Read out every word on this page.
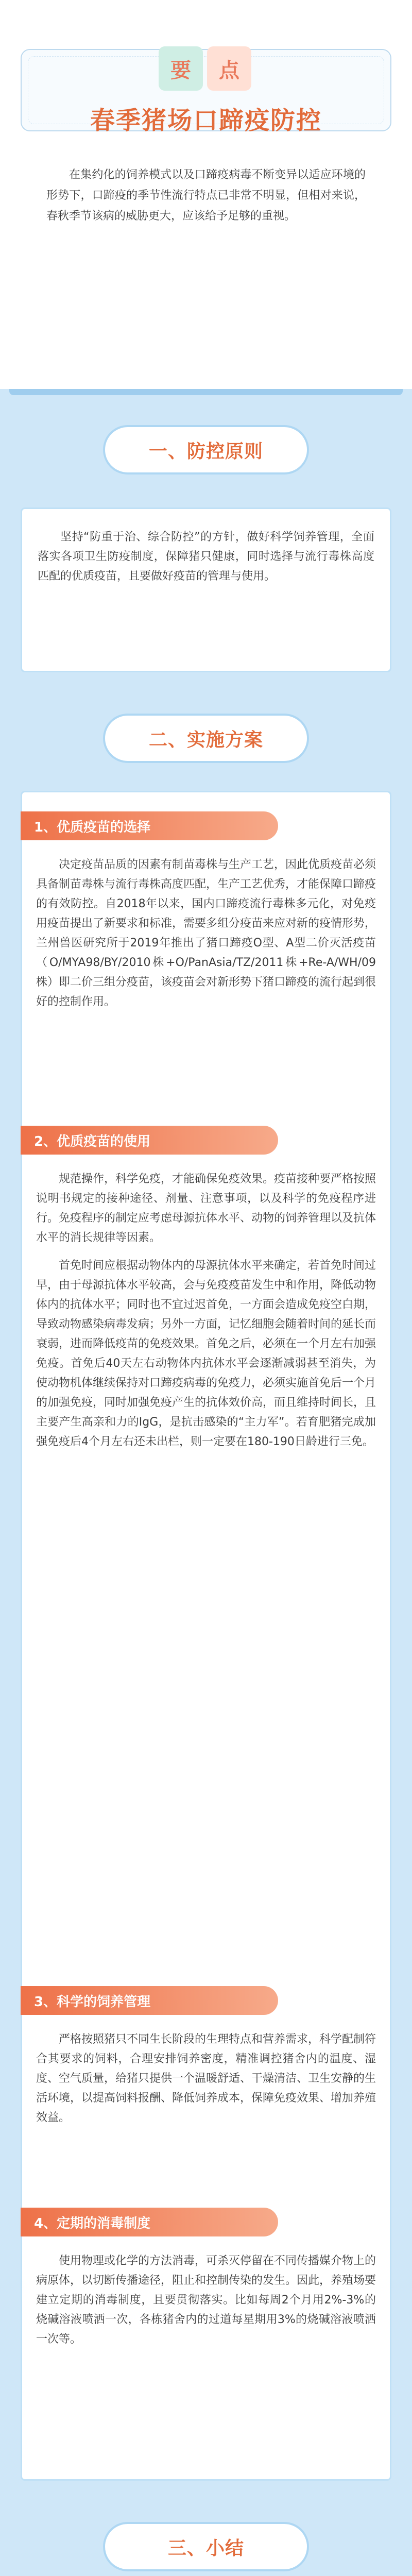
要	点
春季猪场口蹄疫防控
在集约化的饲养模式以及口蹄疫病毒不断变异以适应环境的形势下，口蹄疫的季节性流行特点已非常不明显，但相对来说，春秋季节该病的威胁更大，应该给予足够的重视。
一、防控原则

坚持“防重于治、综合防控”的方针，做好科学饲养管理，全面落实各项卫生防疫制度，保障猪只健康，同时选择与流行毒株高度匹配的优质疫苗，且要做好疫苗的管理与使用。

二、实施方案
1、优质疫苗的选择

决定疫苗品质的因素有制苗毒株与生产工艺，因此优质疫苗必须具备制苗毒株与流行毒株高度匹配，生产工艺优秀，才能保障口蹄疫的有效防控。自2018年以来，国内口蹄疫流行毒株多元化，对免疫用疫苗提出了新要求和标准，需要多组分疫苗来应对新的疫情形势，兰州兽医研究所于2019年推出了猪口蹄疫O型、A型二价灭活疫苗（O/MYA98/BY/2010株+O/PanAsia/TZ/2011株+Re-A/WH/09株）即二价三组分疫苗，该疫苗会对新形势下猪口蹄疫的流行起到很好的控制作用。

2、优质疫苗的使用

规范操作，科学免疫，才能确保免疫效果。疫苗接种要严格按照说明书规定的接种途径、剂量、注意事项，以及科学的免疫程序进行。免疫程序的制定应考虑母源抗体水平、动物的饲养管理以及抗体水平的消长规律等因素。

首免时间应根据动物体内的母源抗体水平来确定，若首免时间过早，由于母源抗体水平较高，会与免疫疫苗发生中和作用，降低动物体内的抗体水平；同时也不宜过迟首免，一方面会造成免疫空白期，导致动物感染病毒发病；另外一方面，记忆细胞会随着时间的延长而衰弱，进而降低疫苗的免疫效果。首免之后，必须在一个月左右加强免疫。首免后40天左右动物体内抗体水平会逐渐减弱甚至消失，为使动物机体继续保持对口蹄疫病毒的免疫力，必须实施首免后一个月的加强免疫，同时加强免疫产生的抗体效价高，而且维持时间长，且主要产生高亲和力的IgG，是抗击感染的“主力军”。若育肥猪完成加强免疫后4个月左右还未出栏，则一定要在180-190日龄进行三免。

3、科学的饲养管理

严格按照猪只不同生长阶段的生理特点和营养需求，科学配制符合其要求的饲料，合理安排饲养密度，精准调控猪舍内的温度、湿度、空气质量，给猪只提供一个温暖舒适、干燥清洁、卫生安静的生活环境，以提高饲料报酬、降低饲养成本，保障免疫效果、增加养殖效益。

4、定期的消毒制度

使用物理或化学的方法消毒，可杀灭停留在不同传播媒介物上的病原体，以切断传播途径，阻止和控制传染的发生。因此，养殖场要建立定期的消毒制度，且要贯彻落实。比如每周2个月用2%-3%的烧碱溶液喷洒一次，各栋猪舍内的过道每星期用3%的烧碱溶液喷洒一次等。

三、小结
